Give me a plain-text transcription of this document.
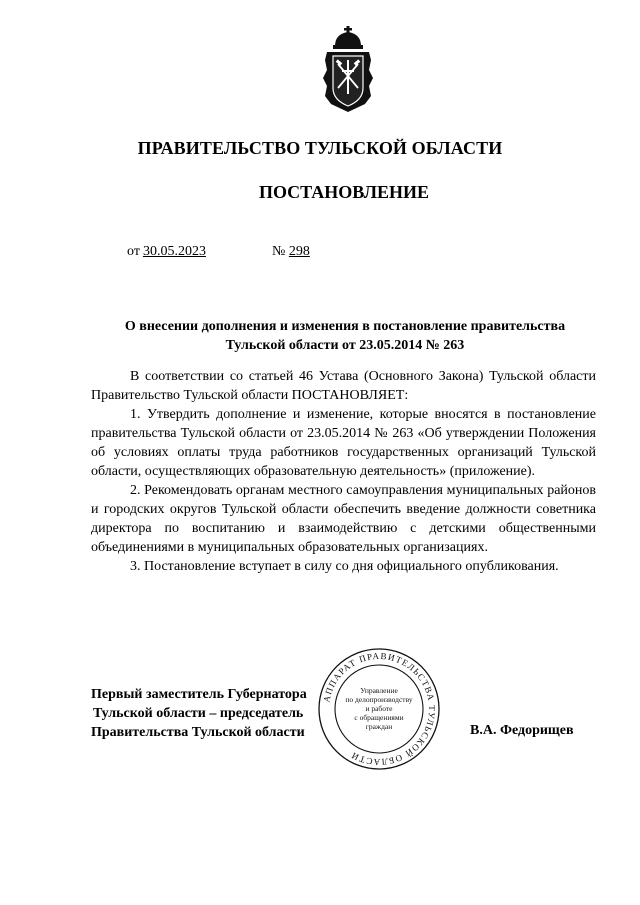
ПРАВИТЕЛЬСТВО ТУЛЬСКОЙ ОБЛАСТИ
ПОСТАНОВЛЕНИЕ
от 30.05.2023	№ 298
О внесении дополнения и изменения в постановление правительства
Тульской области от 23.05.2014 № 263

В соответствии со статьей 46 Устава (Основного Закона) Тульской области Правительство Тульской области ПОСТАНОВЛЯЕТ:

1. Утвердить дополнение и изменение, которые вносятся в постановление правительства Тульской области от 23.05.2014 № 263 «Об утверждении Положения об условиях оплаты труда работников государственных организаций Тульской области, осуществляющих образовательную деятельность» (приложение).

2. Рекомендовать органам местного самоуправления муниципальных районов и городских округов Тульской области обеспечить введение должности советника директора по воспитанию и взаимодействию с детскими общественными объединениями в муниципальных образовательных организациях.

3. Постановление вступает в силу со дня официального опубликования.

Первый заместитель Губернатора
Тульской области – председатель
Правительства Тульской области
АППАРАТ ПРАВИТЕЛЬСТВА ТУЛЬСКОЙ ОБЛАСТИ
Управление
по делопроизводству
и работе
с обращениями
граждан	В.А. Федорищев
